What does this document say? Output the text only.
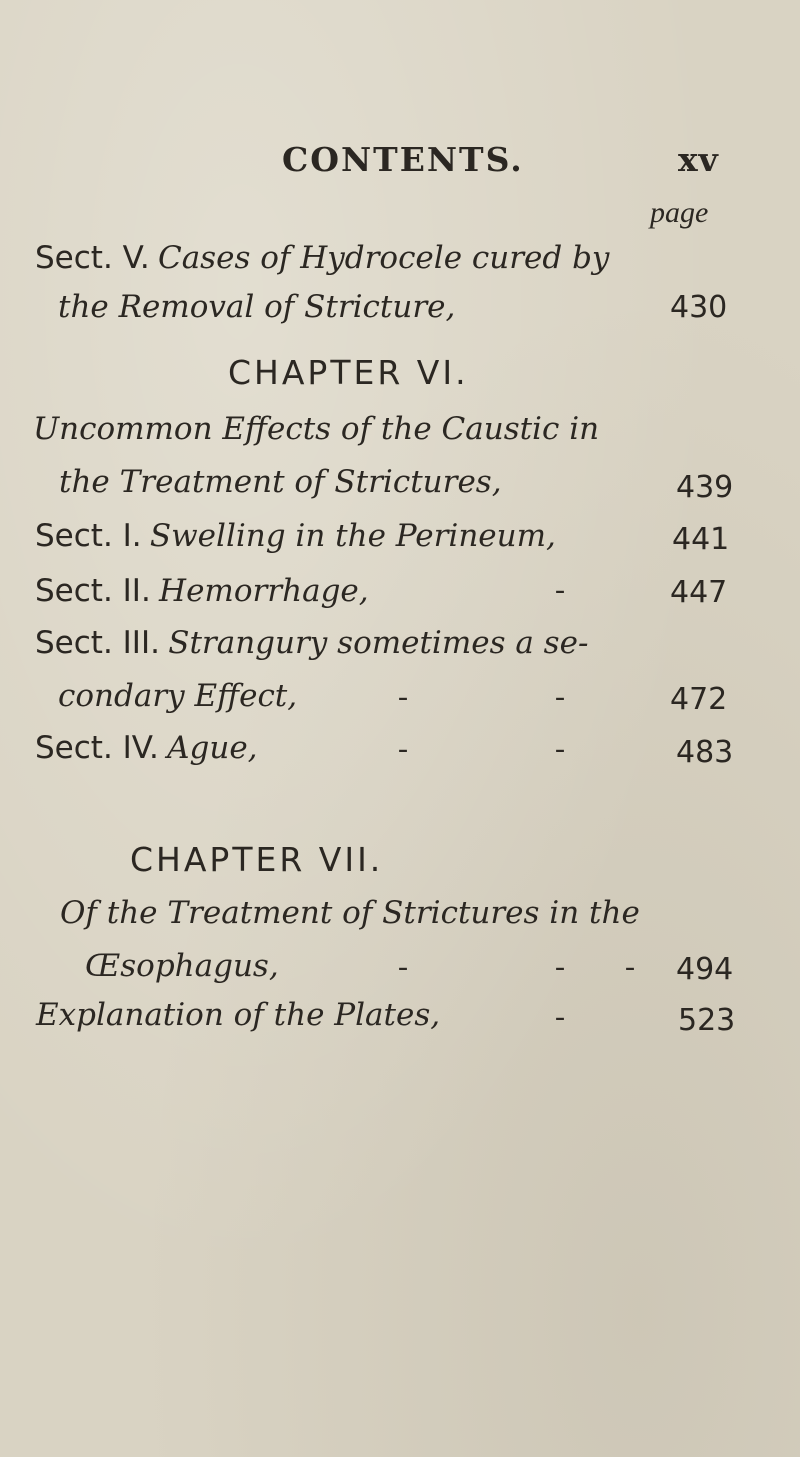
CONTENTS.	xv
page
Sect. V. Cases of Hydrocele cured by
the Removal of Stricture,	430
CHAPTER VI.
Uncommon Effects of the Caustic in
the Treatment of Strictures,	439
Sect. I. Swelling in the Perineum,	441
Sect. II. Hemorrhage,	-	447
Sect. III. Strangury sometimes a se-
condary Effect,	-	-	472
Sect. IV. Ague,	-	-	483
CHAPTER VII.
Of the Treatment of Strictures in the
Œsophagus,	-	- - 494
Explanation of the Plates,	-	523
